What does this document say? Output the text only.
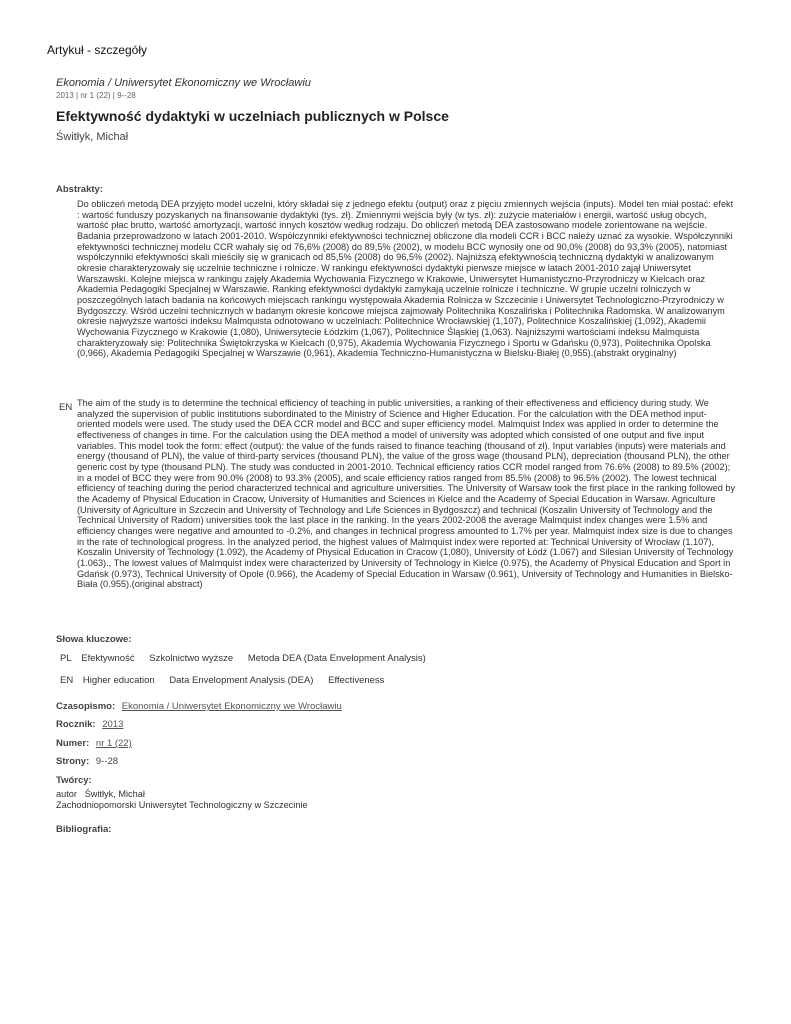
Artykuł - szczegóły
Ekonomia / Uniwersytet Ekonomiczny we Wrocławiu
2013 | nr 1 (22) | 9--28
Efektywność dydaktyki w uczelniach publicznych w Polsce
Świtłyk, Michał
Abstrakty:

Do obliczeń metodą DEA przyjęto model uczelni, który składał się z jednego efektu (output) oraz z pięciu zmiennych wejścia (inputs). Model ten miał postać: efekt : wartość funduszy pozyskanych na finansowanie dydaktyki (tys. zł). Zmiennymi wejścia były (w tys. zł): zużycie materiałów i energii, wartość usług obcych, wartość płac brutto, wartość amortyzacji, wartość innych kosztów według rodzaju. Do obliczeń metodą DEA zastosowano modele zorientowane na wejście. Badania przeprowadzono w latach 2001-2010. Współczynniki efektywności technicznej obliczone dla modeli CCR i BCC należy uznać za wysokie. Współczynniki efektywności technicznej modelu CCR wahały się od 76,6% (2008) do 89,5% (2002), w modelu BCC wynosiły one od 90,0% (2008) do 93,3% (2005), natomiast współczynniki efektywności skali mieściły się w granicach od 85,5% (2008) do 96,5% (2002). Najniższą efektywnością techniczną dydaktyki w analizowanym okresie charakteryzowały się uczelnie techniczne i rolnicze. W rankingu efektywności dydaktyki pierwsze miejsce w latach 2001-2010 zajął Uniwersytet Warszawski. Kolejne miejsca w rankingu zajęły Akademia Wychowania Fizycznego w Krakowie, Uniwersytet Humanistyczno-Przyrodniczy w Kielcach oraz Akademia Pedagogiki Specjalnej w Warszawie. Ranking efektywności dydaktyki zamykają uczelnie rolnicze i techniczne. W grupie uczelni rolniczych w poszczególnych latach badania na końcowych miejscach rankingu występowała Akademia Rolnicza w Szczecinie i Uniwersytet Technologiczno-Przyrodniczy w Bydgoszczy. Wśród uczelni technicznych w badanym okresie końcowe miejsca zajmowały Politechnika Koszalińska i Politechnika Radomska. W analizowanym okresie najwyższe wartości indeksu Malmquista odnotowano w uczelniach: Politechnice Wrocławskiej (1,107), Politechnice Koszalińskiej (1,092), Akademii Wychowania Fizycznego w Krakowie (1,080), Uniwersytecie Łódzkim (1,067), Politechnice Śląskiej (1,063). Najniższymi wartościami indeksu Malmquista charakteryzowały się: Politechnika Świętokrzyska w Kielcach (0,975), Akademia Wychowania Fizycznego i Sportu w Gdańsku (0,973), Politechnika Opolska (0,966), Akademia Pedagogiki Specjalnej w Warszawie (0,961), Akademia Techniczno-Humanistyczna w Bielsku-Białej (0,955).(abstrakt oryginalny)

EN The aim of the study is to determine the technical efficiency of teaching in public universities, a ranking of their effectiveness and efficiency during study. We analyzed the supervision of public institutions subordinated to the Ministry of Science and Higher Education. For the calculation with the DEA method input-oriented models were used. The study used the DEA CCR model and BCC and super efficiency model. Malmquist Index was applied in order to determine the effectiveness of changes in time. For the calculation using the DEA method a model of university was adopted which consisted of one output and five input variables. This model took the form: effect (output): the value of the funds raised to finance teaching (thousand of zł). Input variables (inputs) were materials and energy (thousand of PLN), the value of third-party services (thousand PLN), the value of the gross wage (thousand PLN), depreciation (thousand PLN), the other generic cost by type (thousand PLN). The study was conducted in 2001-2010. Technical efficiency ratios CCR model ranged from 76.6% (2008) to 89.5% (2002); in a model of BCC they were from 90.0% (2008) to 93.3% (2005), and scale efficiency ratios ranged from 85.5% (2008) to 96.5% (2002). The lowest technical efficiency of teaching during the period characterized technical and agriculture universities. The University of Warsaw took the first place in the ranking followed by the Academy of Physical Education in Cracow, University of Humanities and Sciences in Kielce and the Academy of Special Education in Warsaw. Agriculture (University of Agriculture in Szczecin and University of Technology and Life Sciences in Bydgoszcz) and technical (Koszalin University of Technology and the Technical University of Radom) universities took the last place in the ranking. In the years 2002-2008 the average Malmquist index changes were 1.5% and efficiency changes were negative and amounted to -0.2%, and changes in technical progress amounted to 1.7% per year. Malmquist index size is due to changes in the rate of technological progress. In the analyzed period, the highest values of Malmquist index were reported at: Technical University of Wrocław (1.107), Koszalin University of Technology (1.092), the Academy of Physical Education in Cracow (1,080), University of Łódź (1.067) and Silesian University of Technology (1.063)., The lowest values of Malmquist index were characterized by University of Technology in Kielce (0.975), the Academy of Physical Education and Sport in Gdańsk (0.973), Technical University of Opole (0.966), the Academy of Special Education in Warsaw (0.961), University of Technology and Humanities in Bielsko-Biała (0.955).(original abstract)

Słowa kluczowe:
PL Efektywność Szkolnictwo wyższe Metoda DEA (Data Envelopment Analysis)
EN Higher education Data Envelopment Analysis (DEA) Effectiveness
Czasopismo: Ekonomia / Uniwersytet Ekonomiczny we Wrocławiu
Rocznik: 2013
Numer: nr 1 (22)
Strony: 9--28
Twórcy:
autor Świtłyk, Michał
Zachodniopomorski Uniwersytet Technologiczny w Szczecinie
Bibliografia:
